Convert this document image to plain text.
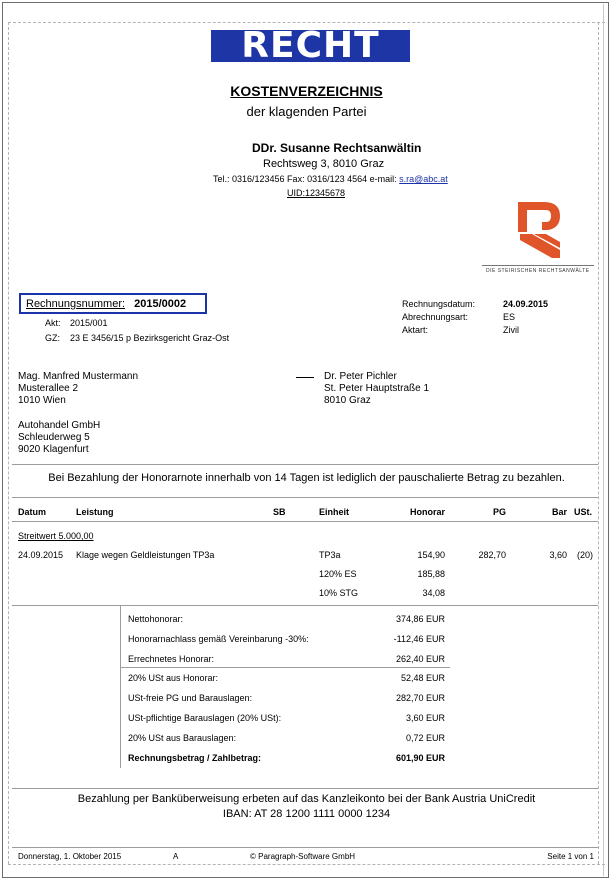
RECHT
KOSTENVERZEICHNIS
der klagenden Partei
DDr. Susanne Rechtsanwältin
Rechtsweg 3, 8010 Graz
Tel.: 0316/123456 Fax: 0316/123 4564 e-mail: s.ra@abc.at
UID:12345678
DIE STEIRISCHEN RECHTSANWÄLTE
Rechnungsnummer: 2015/0002
Akt: 2015/001
GZ: 23 E 3456/15 p Bezirksgericht Graz-Ost
Rechnungsdatum:	24.09.2015
Abrechnungsart:	ES
Aktart:	Zivil
Mag. Manfred Mustermann
Musterallee 2
1010 Wien
Dr. Peter Pichler
St. Peter Hauptstraße 1
8010 Graz
Autohandel GmbH
Schleuderweg 5
9020 Klagenfurt
Bei Bezahlung der Honorarnote innerhalb von 14 Tagen ist lediglich der pauschalierte Betrag zu bezahlen.
Datum	Leistung	SB	Einheit	Honorar	PG	Bar USt.
Streitwert 5.000,00
24.09.2015 Klage wegen Geldleistungen TP3a	TP3a	154,90	282,70	3,60 (20)
120% ES	185,88
10% STG	34,08
Nettohonorar:	374,86 EUR
Honorarnachlass gemäß Vereinbarung -30%:	-112,46 EUR
Errechnetes Honorar:	262,40 EUR
20% USt aus Honorar:	52,48 EUR
USt-freie PG und Barauslagen:	282,70 EUR
USt-pflichtige Barauslagen (20% USt):	3,60 EUR
20% USt aus Barauslagen:	0,72 EUR
Rechnungsbetrag / Zahlbetrag:	601,90 EUR
Bezahlung per Banküberweisung erbeten auf das Kanzleikonto bei der Bank Austria UniCredit
IBAN: AT 28 1200 1111 0000 1234
Donnerstag, 1. Oktober 2015	A	© Paragraph-Software GmbH	Seite 1 von 1
